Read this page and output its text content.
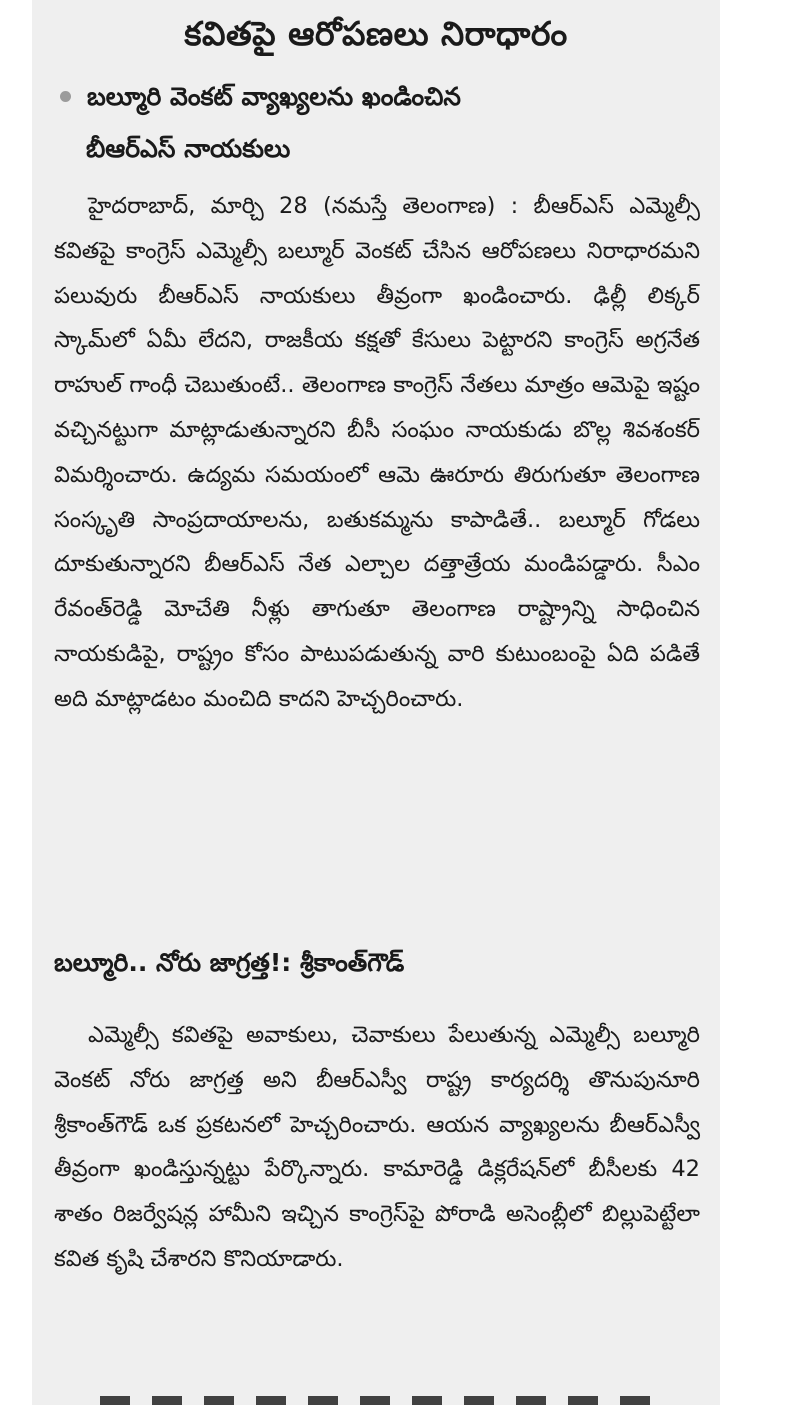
కవితపై ఆరోపణలు నిరాధారం
బల్మూరి వెంకట్ వ్యాఖ్యలను ఖండించిన
బీఆర్ఎస్ నాయకులు

హైదరాబాద్, మార్చి 28 (నమస్తే తెలంగాణ) : బీఆర్ఎస్ ఎమ్మెల్సీ కవితపై కాంగ్రెస్ ఎమ్మెల్సీ బల్మూర్ వెంకట్ చేసిన ఆరోపణలు నిరాధారమని పలువురు బీఆర్ఎస్ నాయకులు తీవ్రంగా ఖండించారు. ఢిల్లీ లిక్కర్ స్కామ్‌లో ఏమీ లేదని, రాజకీయ కక్షతో కేసులు పెట్టారని కాంగ్రెస్ అగ్రనేత రాహుల్ గాంధీ చెబుతుంటే.. తెలంగాణ కాంగ్రెస్ నేతలు మాత్రం ఆమెపై ఇష్టం వచ్చినట్టుగా మాట్లాడుతున్నారని బీసీ సంఘం నాయకుడు బొల్ల శివశంకర్ విమర్శించారు. ఉద్యమ సమయంలో ఆమె ఊరూరు తిరుగుతూ తెలంగాణ సంస్కృతి సాంప్రదాయాలను, బతుకమ్మను కాపాడితే.. బల్మూర్ గోడలు దూకుతున్నారని బీఆర్ఎస్ నేత ఎల్చాల దత్తాత్రేయ మండిపడ్డారు. సీఎం రేవంత్‌రెడ్డి మోచేతి నీళ్లు తాగుతూ తెలంగాణ రాష్ట్రాన్ని సాధించిన నాయకుడిపై, రాష్ట్రం కోసం పాటుపడుతున్న వారి కుటుంబంపై ఏది పడితే అది మాట్లాడటం మంచిది కాదని హెచ్చరించారు.

బల్మూరి.. నోరు జాగ్రత్త!: శ్రీకాంత్‌గౌడ్

ఎమ్మెల్సీ కవితపై అవాకులు, చెవాకులు పేలుతున్న ఎమ్మెల్సీ బల్మూరి వెంకట్ నోరు జాగ్రత్త అని బీఆర్ఎస్వీ రాష్ట్ర కార్యదర్శి తొనుపునూరి శ్రీకాంత్‌గౌడ్ ఒక ప్రకటనలో హెచ్చరించారు. ఆయన వ్యాఖ్యలను బీఆర్ఎస్వీ తీవ్రంగా ఖండిస్తున్నట్టు పేర్కొన్నారు. కామారెడ్డి డిక్లరేషన్‌లో బీసీలకు 42 శాతం రిజర్వేషన్ల హామీని ఇచ్చిన కాంగ్రెస్‌పై పోరాడి అసెంబ్లీలో బిల్లుపెట్టేలా కవిత కృషి చేశారని కొనియాడారు.
